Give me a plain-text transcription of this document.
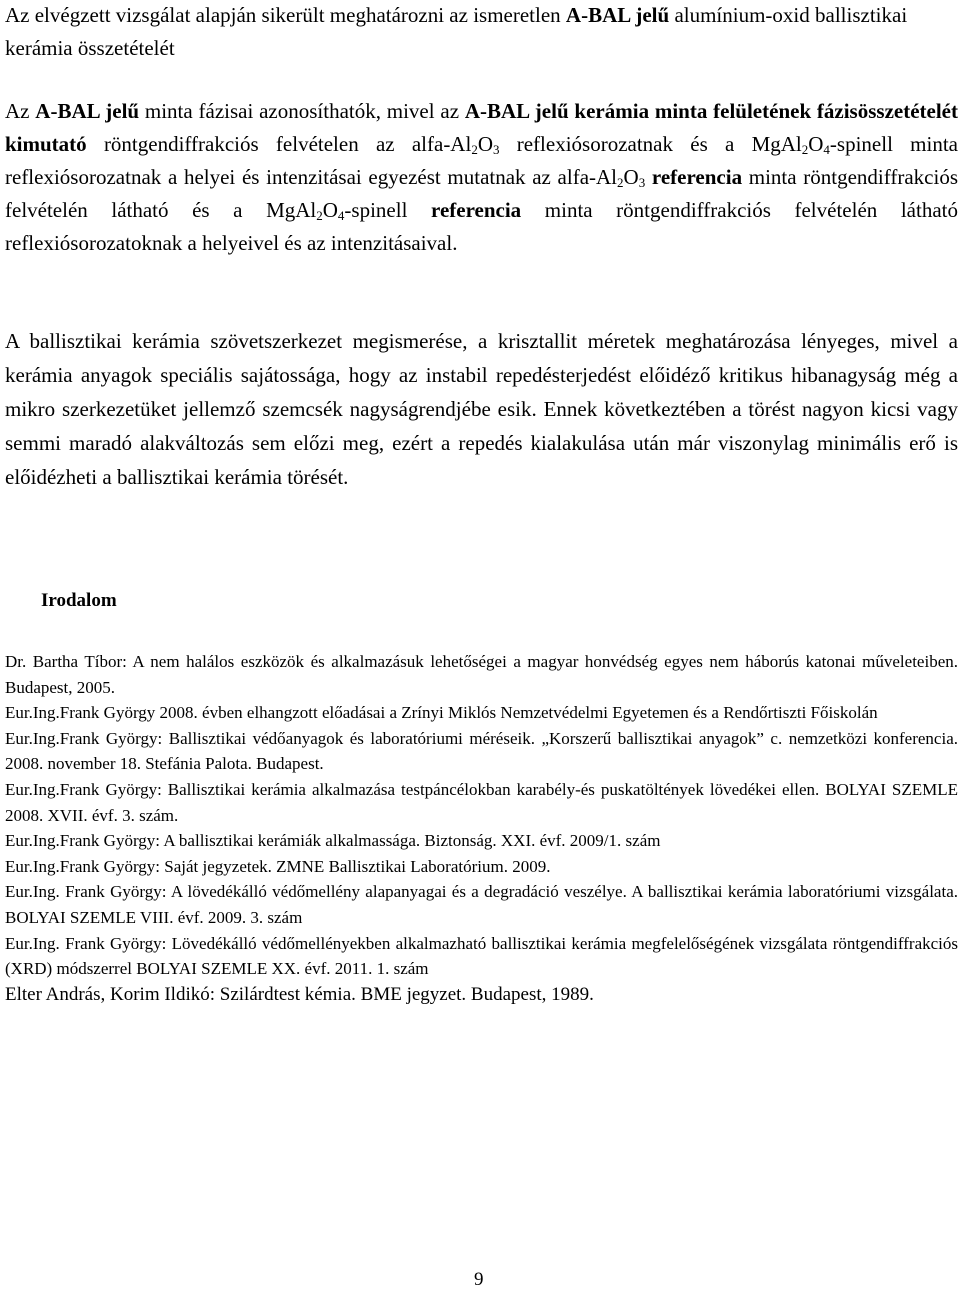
Az elvégzett vizsgálat alapján sikerült meghatározni az ismeretlen A-BAL jelű alumínium-oxid ballisztikai kerámia összetételét

Az A-BAL jelű minta fázisai azonosíthatók, mivel az A-BAL jelű kerámia minta felületének fázisösszetételét kimutató röntgendiffrakciós felvételen az alfa-$Al_2O_3$ reflexiósorozatnak és a $MgAl_2O_4$-spinell minta reflexiósorozatnak a helyei és intenzitásai egyezést mutatnak az alfa-$Al_2O_3$ referencia minta röntgendiffrakciós felvételén látható és a $MgAl_2O_4$-spinell referencia minta röntgendiffrakciós felvételén látható reflexiósorozatoknak a helyeivel és az intenzitásaival.

A ballisztikai kerámia szövetszerkezet megismerése, a krisztallit méretek meghatározása lényeges, mivel a kerámia anyagok speciális sajátossága, hogy az instabil repedésterjedést előidéző kritikus hibanagyság még a mikro szerkezetüket jellemző szemcsék nagyságrendjébe esik. Ennek következtében a törést nagyon kicsi vagy semmi maradó alakváltozás sem előzi meg, ezért a repedés kialakulása után már viszonylag minimális erő is előidézheti a ballisztikai kerámia törését.

Irodalom
Dr. Bartha Tíbor: A nem halálos eszközök és alkalmazásuk lehetőségei a magyar honvédség egyes nem háborús katonai műveleteiben. Budapest, 2005.
Eur.Ing.Frank György 2008. évben elhangzott előadásai a Zrínyi Miklós Nemzetvédelmi Egyetemen és a Rendőrtiszti Főiskolán
Eur.Ing.Frank György: Ballisztikai védőanyagok és laboratóriumi méréseik. „Korszerű ballisztikai anyagok” c. nemzetközi konferencia. 2008. november 18. Stefánia Palota. Budapest.
Eur.Ing.Frank György: Ballisztikai kerámia alkalmazása testpáncélokban karabély-és puskatöltények lövedékei ellen. BOLYAI SZEMLE 2008. XVII. évf. 3. szám.
Eur.Ing.Frank György: A ballisztikai kerámiák alkalmassága. Biztonság. XXI. évf. 2009/1. szám
Eur.Ing.Frank György: Saját jegyzetek. ZMNE Ballisztikai Laboratórium. 2009.
Eur.Ing. Frank György: A lövedékálló védőmellény alapanyagai és a degradáció veszélye. A ballisztikai kerámia laboratóriumi vizsgálata. BOLYAI SZEMLE VIII. évf. 2009. 3. szám
Eur.Ing. Frank György: Lövedékálló védőmellényekben alkalmazható ballisztikai kerámia megfelelőségének vizsgálata röntgendiffrakciós (XRD) módszerrel BOLYAI SZEMLE XX. évf. 2011. 1. szám
Elter András, Korim Ildikó: Szilárdtest kémia. BME jegyzet. Budapest, 1989.
9
